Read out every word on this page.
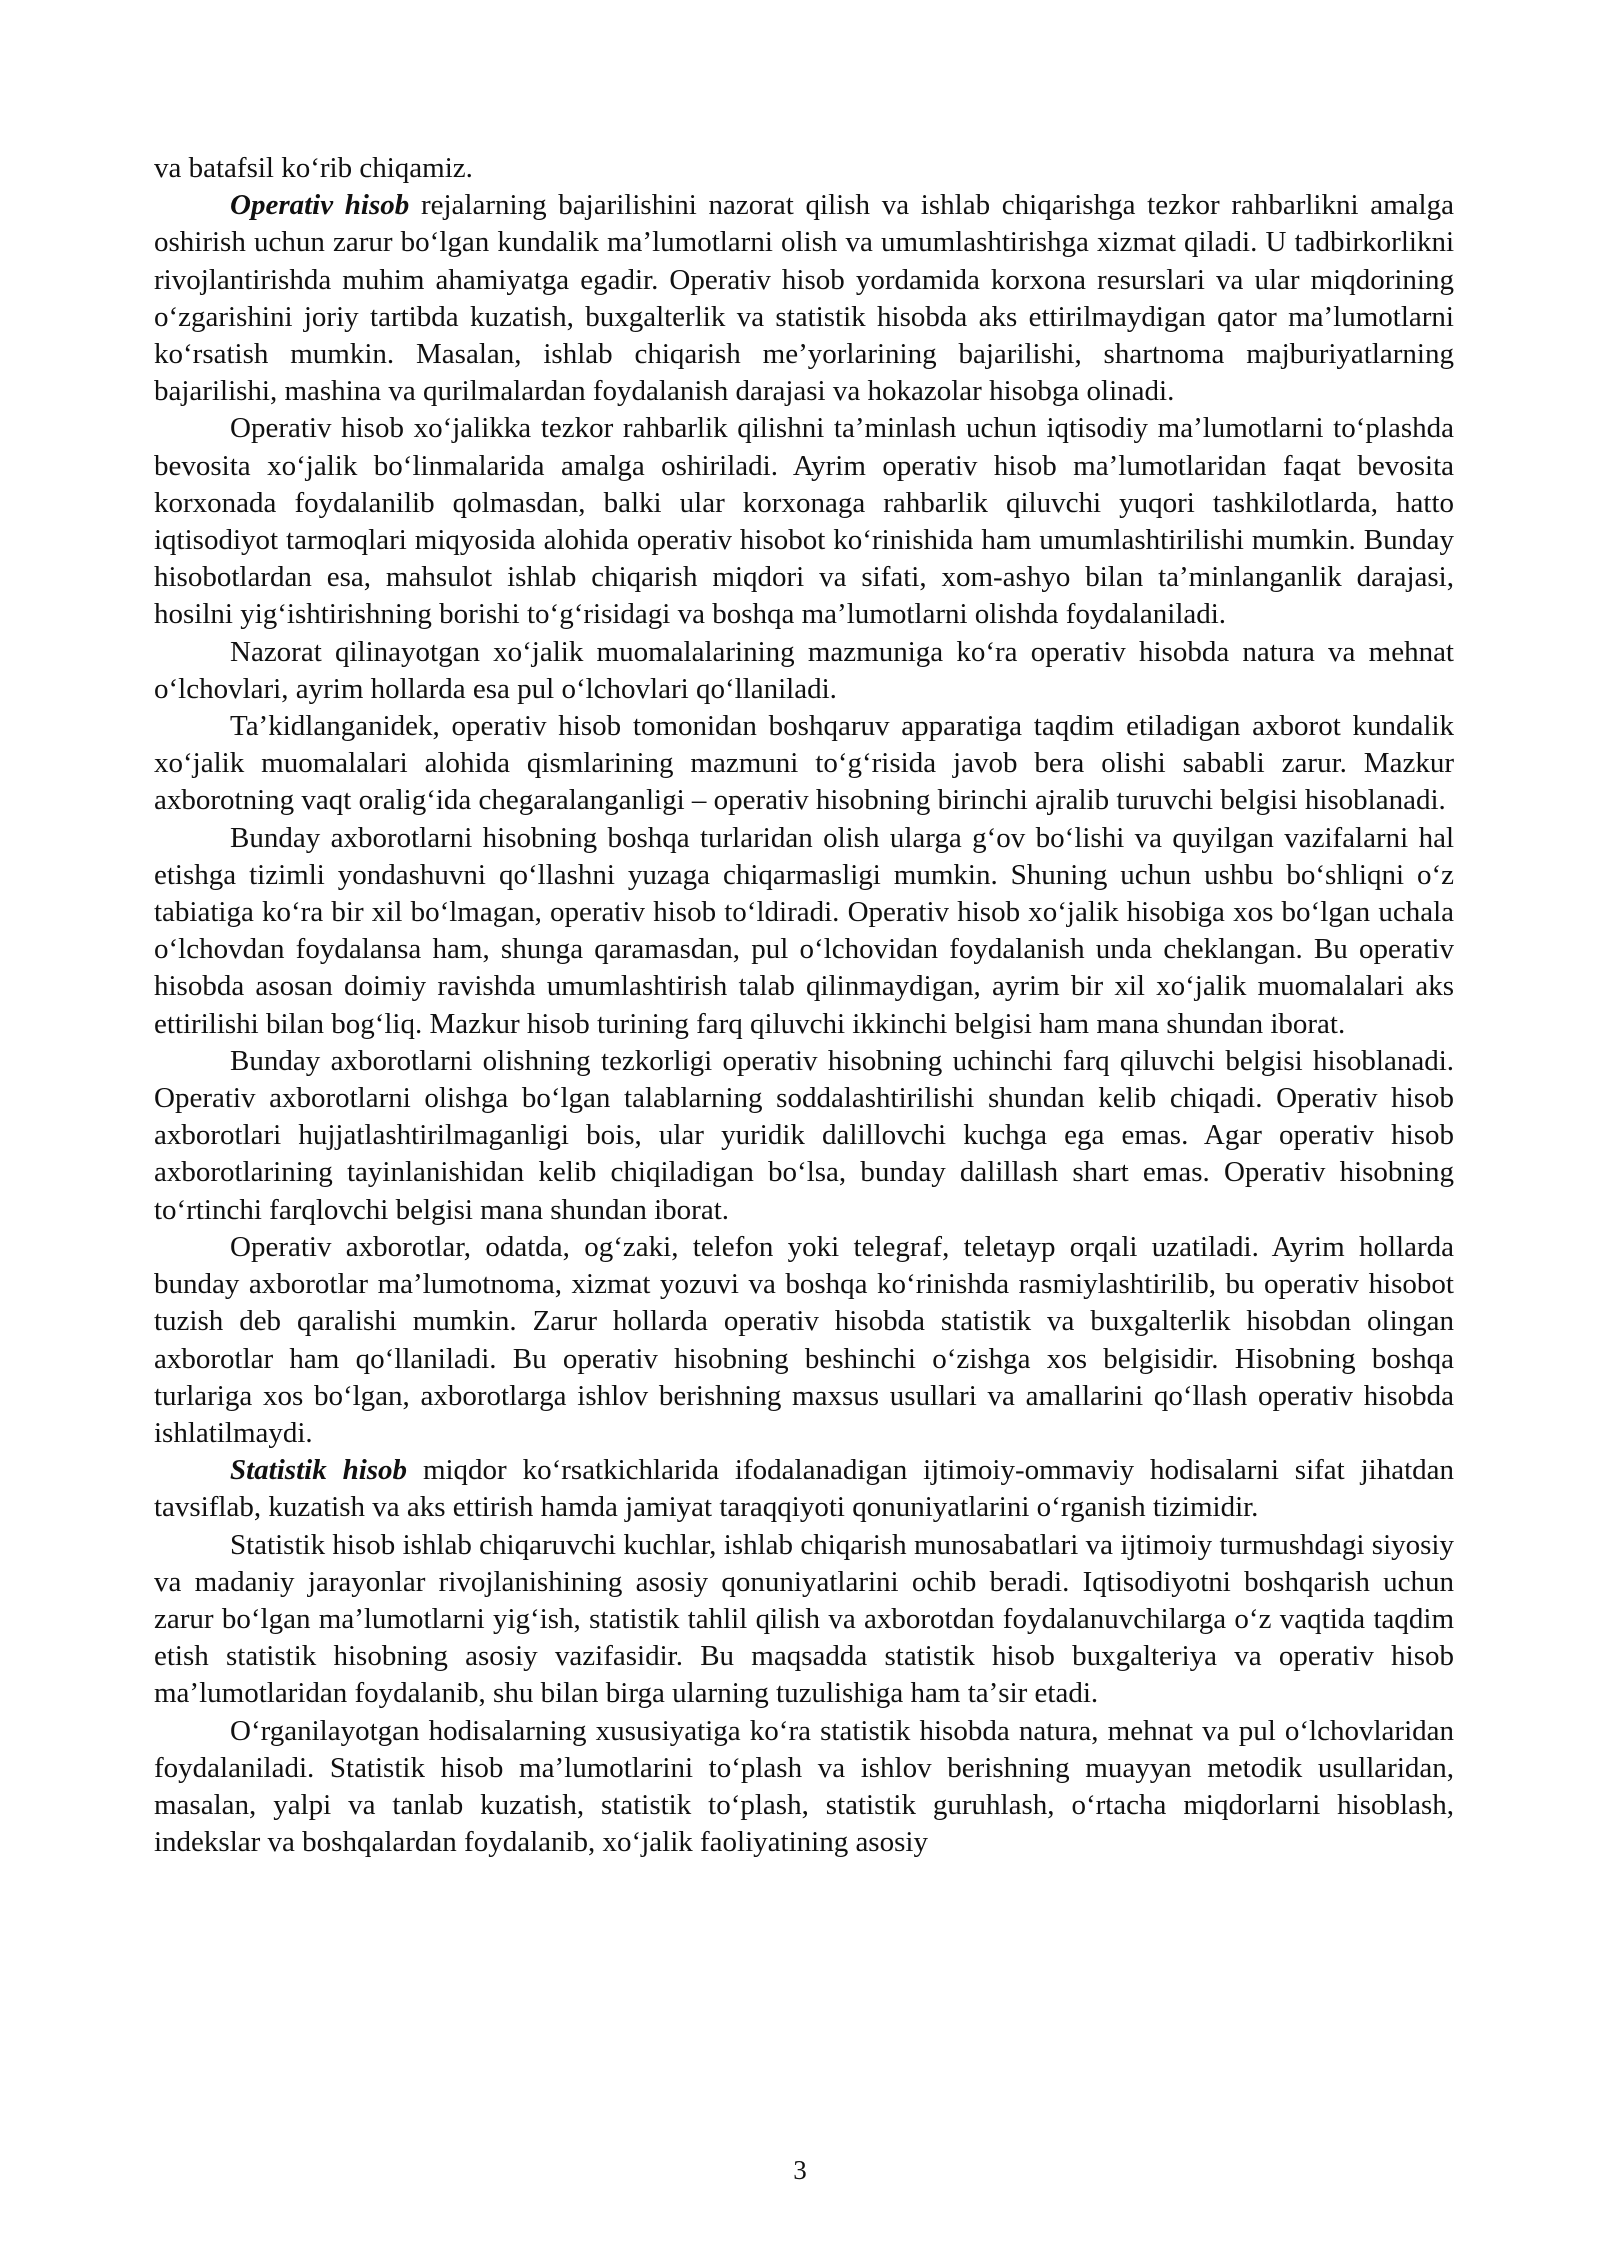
va batafsil koʻrib chiqamiz.

Operativ hisob rejalarning bajarilishini nazorat qilish va ishlab chiqarishga tezkor rahbarlikni amalga oshirish uchun zarur boʻlgan kundalik maʼlumotlarni olish va umumlashtirishga xizmat qiladi. U tadbirkorlikni rivojlantirishda muhim ahamiyatga egadir. Operativ hisob yordamida korxona resurslari va ular miqdorining oʻzgarishini joriy tartibda kuzatish, buxgalterlik va statistik hisobda aks ettirilmaydigan qator maʼlumotlarni koʻrsatish mumkin. Masalan, ishlab chiqarish meʼyorlarining bajarilishi, shartnoma majburiyatlarning bajarilishi, mashina va qurilmalardan foydalanish darajasi va hokazolar hisobga olinadi.

Operativ hisob xoʻjalikka tezkor rahbarlik qilishni taʼminlash uchun iqtisodiy maʼlumotlarni toʻplashda bevosita xoʻjalik boʻlinmalarida amalga oshiriladi. Ayrim operativ hisob maʼlumotlaridan faqat bevosita korxonada foydalanilib qolmasdan, balki ular korxonaga rahbarlik qiluvchi yuqori tashkilotlarda, hatto iqtisodiyot tarmoqlari miqyosida alohida operativ hisobot koʻrinishida ham umumlashtirilishi mumkin. Bunday hisobotlardan esa, mahsulot ishlab chiqarish miqdori va sifati, xom-ashyo bilan taʼminlanganlik darajasi, hosilni yigʻishtirishning borishi toʻgʻrisidagi va boshqa maʼlumotlarni olishda foydalaniladi.

Nazorat qilinayotgan xoʻjalik muomalalarining mazmuniga koʻra operativ hisobda natura va mehnat oʻlchovlari, ayrim hollarda esa pul oʻlchovlari qoʻllaniladi.

Taʼkidlanganidek, operativ hisob tomonidan boshqaruv apparatiga taqdim etiladigan axborot kundalik xoʻjalik muomalalari alohida qismlarining mazmuni toʻgʻrisida javob bera olishi sababli zarur. Mazkur axborotning vaqt oraligʻida chegaralanganligi – operativ hisobning birinchi ajralib turuvchi belgisi hisoblanadi.

Bunday axborotlarni hisobning boshqa turlaridan olish ularga gʻov boʻlishi va quyilgan vazifalarni hal etishga tizimli yondashuvni qoʻllashni yuzaga chiqarmasligi mumkin. Shuning uchun ushbu boʻshliqni oʻz tabiatiga koʻra bir xil boʻlmagan, operativ hisob toʻldiradi. Operativ hisob xoʻjalik hisobiga xos boʻlgan uchala oʻlchovdan foydalansa ham, shunga qaramasdan, pul oʻlchovidan foydalanish unda cheklangan. Bu operativ hisobda asosan doimiy ravishda umumlashtirish talab qilinmaydigan, ayrim bir xil xoʻjalik muomalalari aks ettirilishi bilan bogʻliq. Mazkur hisob turining farq qiluvchi ikkinchi belgisi ham mana shundan iborat.

Bunday axborotlarni olishning tezkorligi operativ hisobning uchinchi farq qiluvchi belgisi hisoblanadi. Operativ axborotlarni olishga boʻlgan talablarning soddalashtirilishi shundan kelib chiqadi. Operativ hisob axborotlari hujjatlashtirilmaganligi bois, ular yuridik dalillovchi kuchga ega emas. Agar operativ hisob axborotlarining tayinlanishidan kelib chiqiladigan boʻlsa, bunday dalillash shart emas. Operativ hisobning toʻrtinchi farqlovchi belgisi mana shundan iborat.

Operativ axborotlar, odatda, ogʻzaki, telefon yoki telegraf, teletayp orqali uzatiladi. Ayrim hollarda bunday axborotlar maʼlumotnoma, xizmat yozuvi va boshqa koʻrinishda rasmiylashtirilib, bu operativ hisobot tuzish deb qaralishi mumkin. Zarur hollarda operativ hisobda statistik va buxgalterlik hisobdan olingan axborotlar ham qoʻllaniladi. Bu operativ hisobning beshinchi oʻzishga xos belgisidir. Hisobning boshqa turlariga xos boʻlgan, axborotlarga ishlov berishning maxsus usullari va amallarini qoʻllash operativ hisobda ishlatilmaydi.

Statistik hisob miqdor koʻrsatkichlarida ifodalanadigan ijtimoiy-ommaviy hodisalarni sifat jihatdan tavsiflab, kuzatish va aks ettirish hamda jamiyat taraqqiyoti qonuniyatlarini oʻrganish tizimidir.

Statistik hisob ishlab chiqaruvchi kuchlar, ishlab chiqarish munosabatlari va ijtimoiy turmushdagi siyosiy va madaniy jarayonlar rivojlanishining asosiy qonuniyatlarini ochib beradi. Iqtisodiyotni boshqarish uchun zarur boʻlgan maʼlumotlarni yigʻish, statistik tahlil qilish va axborotdan foydalanuvchilarga oʻz vaqtida taqdim etish statistik hisobning asosiy vazifasidir. Bu maqsadda statistik hisob buxgalteriya va operativ hisob maʼlumotlaridan foydalanib, shu bilan birga ularning tuzulishiga ham taʼsir etadi.

Oʻrganilayotgan hodisalarning xususiyatiga koʻra statistik hisobda natura, mehnat va pul oʻlchovlaridan foydalaniladi. Statistik hisob maʼlumotlarini toʻplash va ishlov berishning muayyan metodik usullaridan, masalan, yalpi va tanlab kuzatish, statistik toʻplash, statistik guruhlash, oʻrtacha miqdorlarni hisoblash, indekslar va boshqalardan foydalanib, xoʻjalik faoliyatining asosiy

3
